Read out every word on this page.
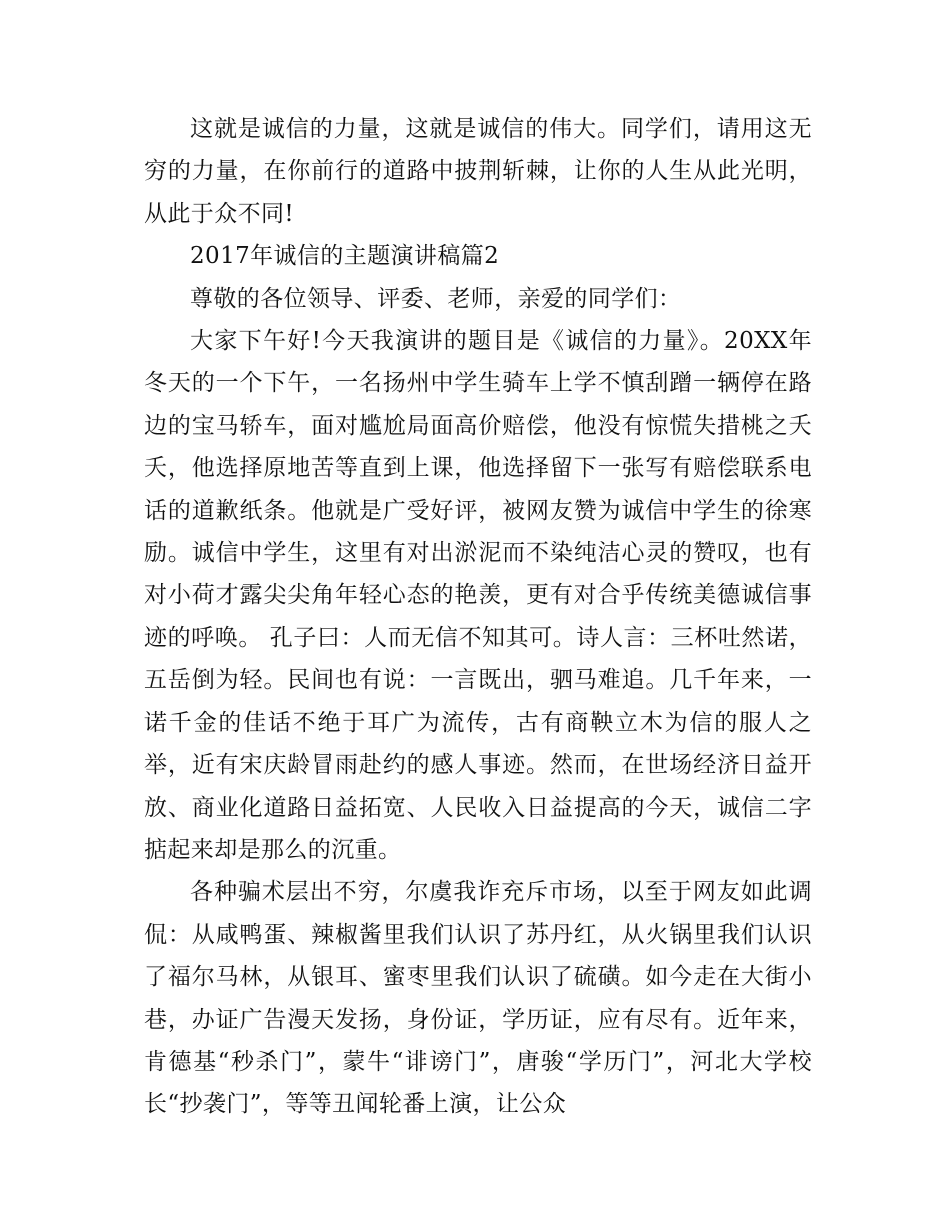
这就是诚信的力量，这就是诚信的伟大。同学们，请用这无穷的力量，在你前行的道路中披荆斩棘，让你的人生从此光明，从此于众不同!

2017年诚信的主题演讲稿篇2

尊敬的各位领导、评委、老师，亲爱的同学们：

大家下午好!今天我演讲的题目是《诚信的力量》。20XX年冬天的一个下午，一名扬州中学生骑车上学不慎刮蹭一辆停在路边的宝马轿车，面对尴尬局面高价赔偿，他没有惊慌失措桃之夭夭，他选择原地苦等直到上课，他选择留下一张写有赔偿联系电话的道歉纸条。他就是广受好评，被网友赞为诚信中学生的徐寒励。诚信中学生，这里有对出淤泥而不染纯洁心灵的赞叹，也有对小荷才露尖尖角年轻心态的艳羡，更有对合乎传统美德诚信事迹的呼唤。 孔子曰：人而无信不知其可。诗人言：三杯吐然诺，五岳倒为轻。民间也有说：一言既出，驷马难追。几千年来，一诺千金的佳话不绝于耳广为流传，古有商鞅立木为信的服人之举，近有宋庆龄冒雨赴约的感人事迹。然而，在世场经济日益开放、商业化道路日益拓宽、人民收入日益提高的今天，诚信二字掂起来却是那么的沉重。

各种骗术层出不穷，尔虞我诈充斥市场，以至于网友如此调侃：从咸鸭蛋、辣椒酱里我们认识了苏丹红，从火锅里我们认识了福尔马林，从银耳、蜜枣里我们认识了硫磺。如今走在大街小巷，办证广告漫天发扬，身份证，学历证，应有尽有。近年来，肯德基“秒杀门”，蒙牛“诽谤门”，唐骏“学历门”，河北大学校长“抄袭门”，等等丑闻轮番上演，让公众
